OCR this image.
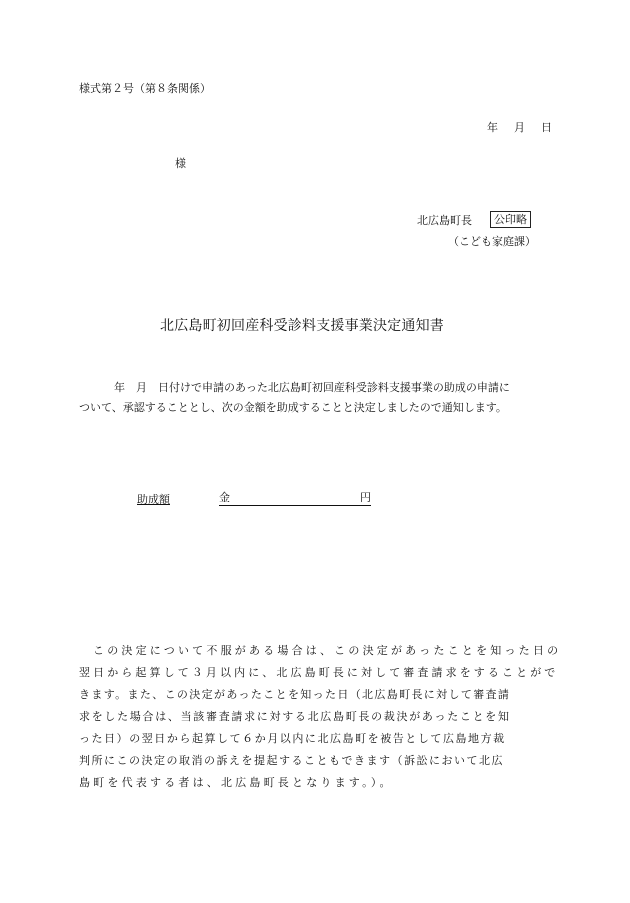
様式第２号（第８条関係）
年 月 日
様
北広島町長	公印略
（こども家庭課）
北広島町初回産科受診料支援事業決定通知書
年　月　日付けで申請のあった北広島町初回産科受診料支援事業の助成の申請に
ついて、承認することとし、次の金額を助成することと決定しましたので通知します。
助成額	金	円
この決定について不服がある場合は、この決定があったことを知った日の
翌日から起算して３月以内に、北広島町長に対して審査請求をすることがで
きます。また、この決定があったことを知った日（北広島町長に対して審査請
求をした場合は、当該審査請求に対する北広島町長の裁決があったことを知
った日）の翌日から起算して６か月以内に北広島町を被告として広島地方裁
判所にこの決定の取消の訴えを提起することもできます（訴訟において北広
島町を代表する者は、北広島町長となります。）。
